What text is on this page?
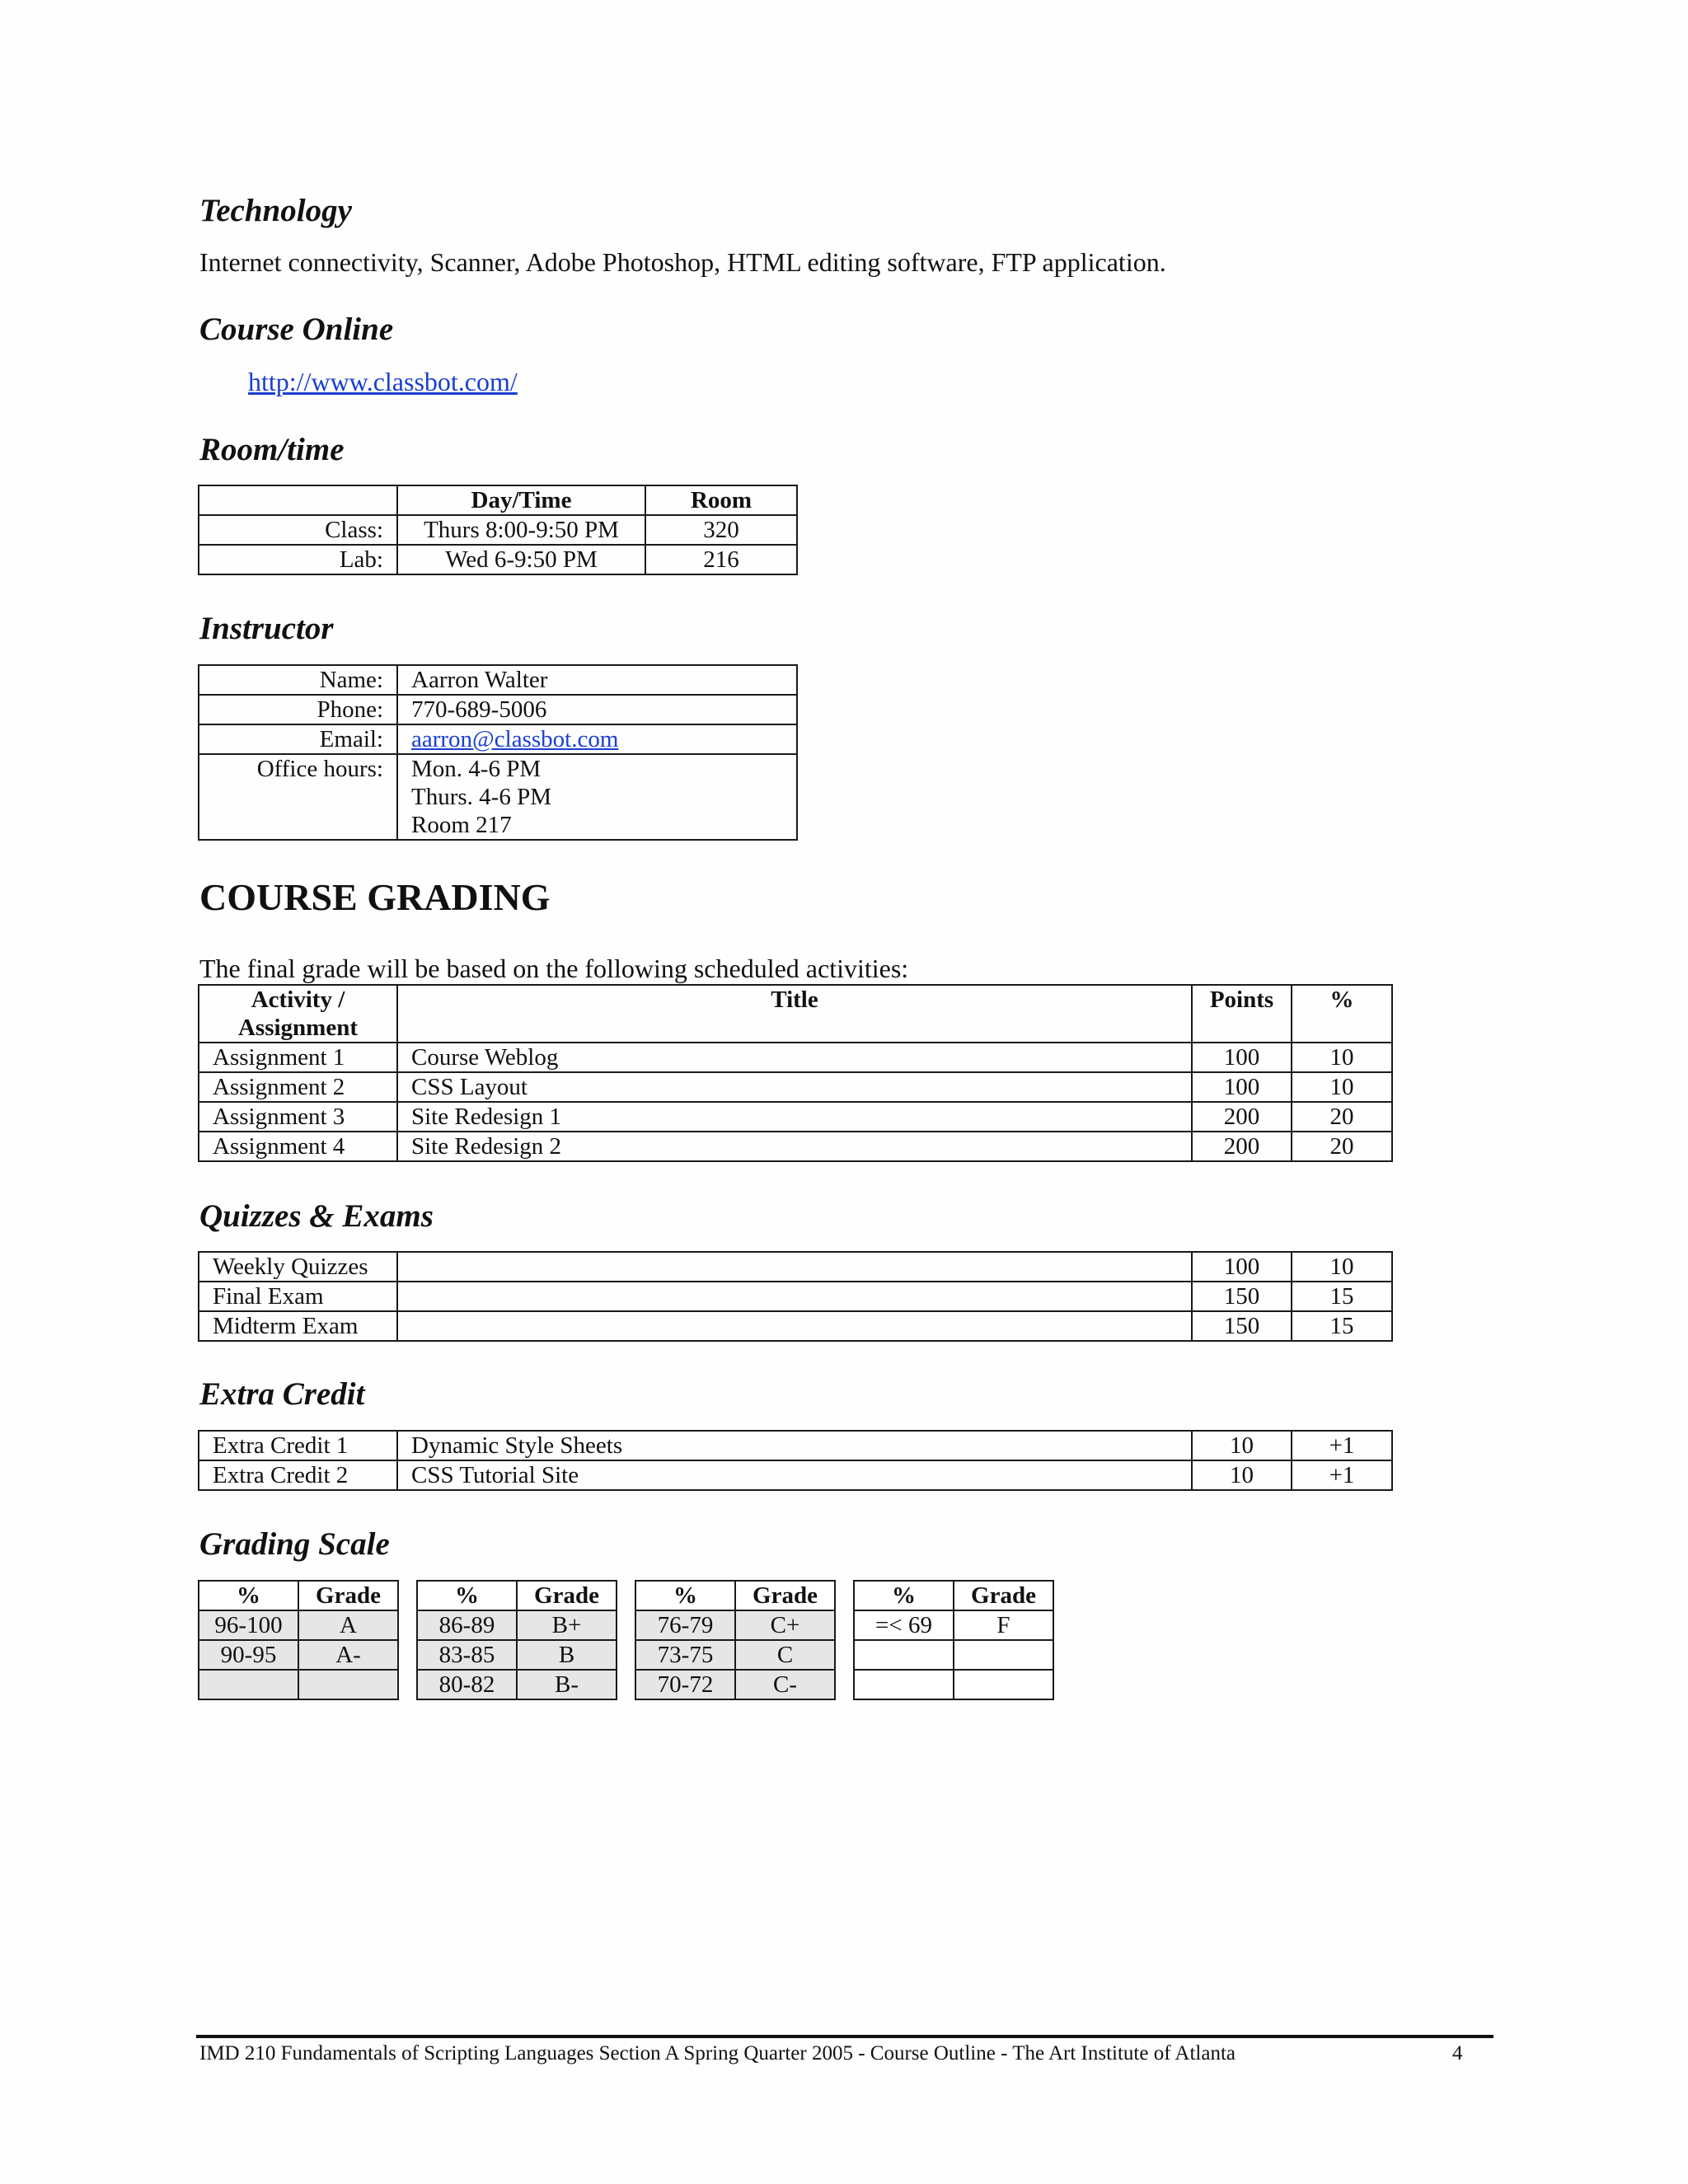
Technology

Internet connectivity, Scanner, Adobe Photoshop, HTML editing software, FTP application.

Course Online

http://www.classbot.com/

Room/time
	Day/Time	Room
Class:	Thurs 8:00-9:50 PM	320
Lab:	Wed 6-9:50 PM	216
Instructor
Name:	Aarron Walter
Phone:	770-689-5006
Email:	aarron@classbot.com
Office hours:	Mon. 4-6 PM
Thurs. 4-6 PM
Room 217
COURSE GRADING

The final grade will be based on the following scheduled activities:

Activity /
Assignment	Title	Points	%
Assignment 1	Course Weblog	100	10
Assignment 2	CSS Layout	100	10
Assignment 3	Site Redesign 1	200	20
Assignment 4	Site Redesign 2	200	20
Quizzes & Exams
Weekly Quizzes		100	10
Final Exam		150	15
Midterm Exam		150	15
Extra Credit
Extra Credit 1	Dynamic Style Sheets	10	+1
Extra Credit 2	CSS Tutorial Site	10	+1
Grading Scale
%	Grade
96-100	A
90-95	A-

%	Grade
86-89	B+
83-85	B
80-82	B-
%	Grade
76-79	C+
73-75	C
70-72	C-
%	Grade
=< 69	F

IMD 210 Fundamentals of Scripting Languages Section A Spring Quarter 2005 - Course Outline - The Art Institute of Atlanta	4
